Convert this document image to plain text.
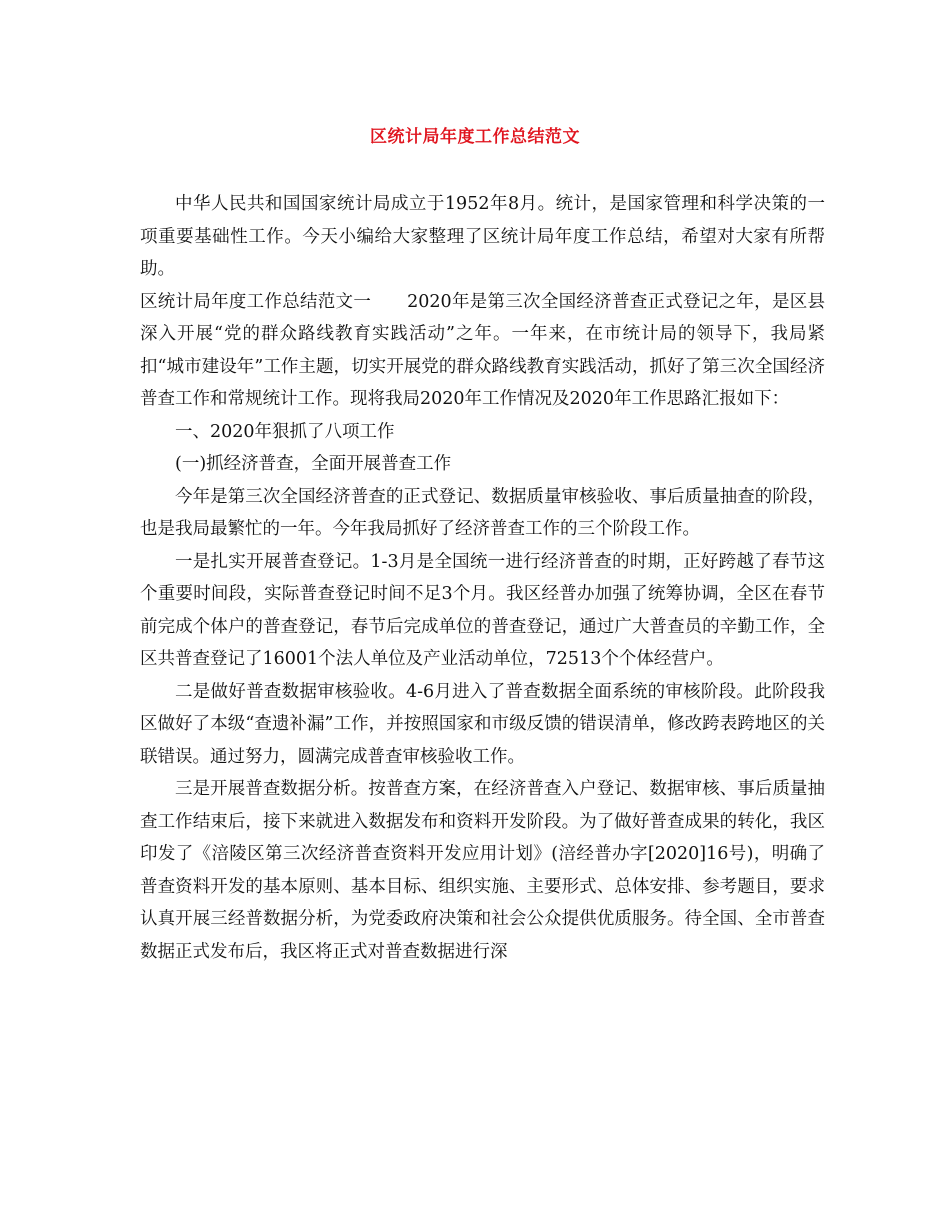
区统计局年度工作总结范文

中华人民共和国国家统计局成立于1952年8月。统计，是国家管理和科学决策的一项重要基础性工作。今天小编给大家整理了区统计局年度工作总结，希望对大家有所帮助。

区统计局年度工作总结范文一 2020年是第三次全国经济普查正式登记之年，是区县深入开展“党的群众路线教育实践活动”之年。一年来，在市统计局的领导下，我局紧扣“城市建设年”工作主题，切实开展党的群众路线教育实践活动，抓好了第三次全国经济普查工作和常规统计工作。现将我局2020年工作情况及2020年工作思路汇报如下：

一、2020年狠抓了八项工作

(一)抓经济普查，全面开展普查工作

今年是第三次全国经济普查的正式登记、数据质量审核验收、事后质量抽查的阶段，也是我局最繁忙的一年。今年我局抓好了经济普查工作的三个阶段工作。

一是扎实开展普查登记。1-3月是全国统一进行经济普查的时期，正好跨越了春节这个重要时间段，实际普查登记时间不足3个月。我区经普办加强了统筹协调，全区在春节前完成个体户的普查登记，春节后完成单位的普查登记，通过广大普查员的辛勤工作，全区共普查登记了16001个法人单位及产业活动单位，72513个个体经营户。

二是做好普查数据审核验收。4-6月进入了普查数据全面系统的审核阶段。此阶段我区做好了本级“查遗补漏”工作，并按照国家和市级反馈的错误清单，修改跨表跨地区的关联错误。通过努力，圆满完成普查审核验收工作。

三是开展普查数据分析。按普查方案，在经济普查入户登记、数据审核、事后质量抽查工作结束后，接下来就进入数据发布和资料开发阶段。为了做好普查成果的转化，我区印发了《涪陵区第三次经济普查资料开发应用计划》(涪经普办字[2020]16号)，明确了普查资料开发的基本原则、基本目标、组织实施、主要形式、总体安排、参考题目，要求认真开展三经普数据分析，为党委政府决策和社会公众提供优质服务。待全国、全市普查数据正式发布后，我区将正式对普查数据进行深
